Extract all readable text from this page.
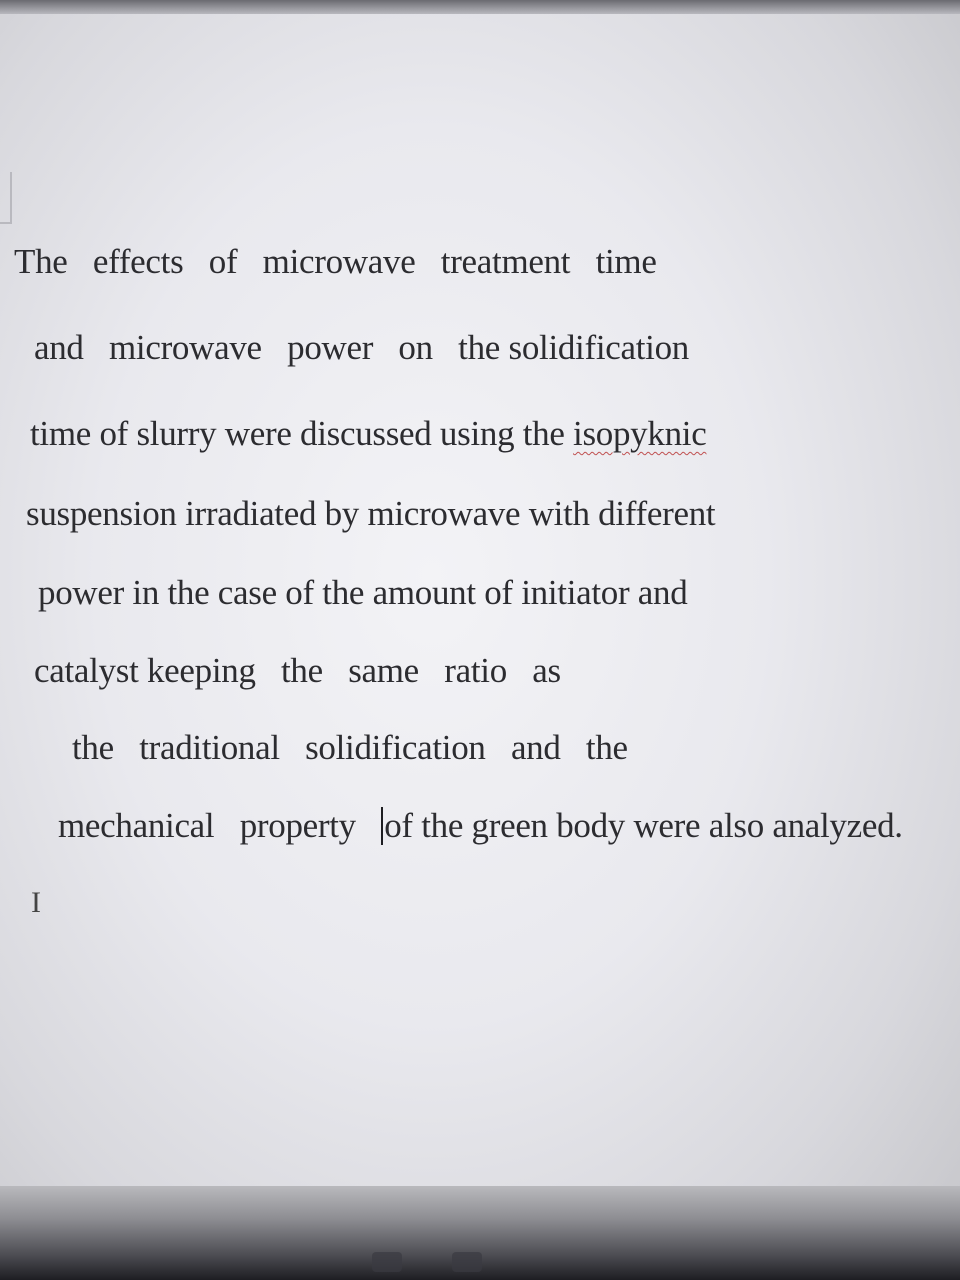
The   effects   of   microwave   treatment   time

and   microwave   power   on   the solidification

time of slurry were discussed using the isopyknic

suspension irradiated by microwave with different

power in the case of the amount of initiator and

catalyst keeping   the   same   ratio   as

the   traditional   solidification   and   the

mechanical   property   of the green body were also analyzed.

I
